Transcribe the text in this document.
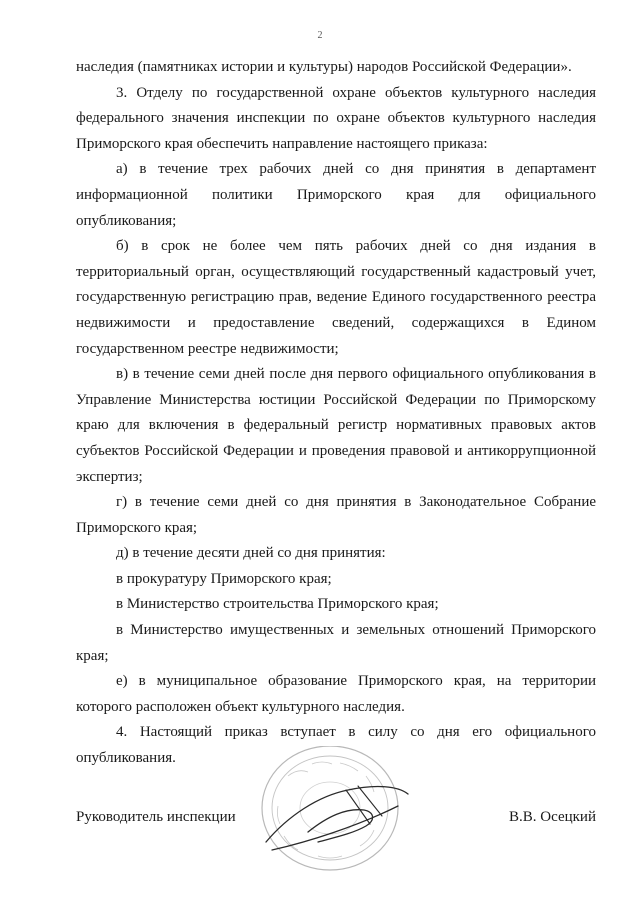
2

наследия (памятниках истории и культуры) народов Российской Федерации».

3. Отделу по государственной охране объектов культурного наследия федерального значения инспекции по охране объектов культурного наследия Приморского края обеспечить направление настоящего приказа:

а) в течение трех рабочих дней со дня принятия в департамент информационной политики Приморского края для официального опубликования;

б) в срок не более чем пять рабочих дней со дня издания в территориальный орган, осуществляющий государственный кадастровый учет, государственную регистрацию прав, ведение Единого государственного реестра недвижимости и предоставление сведений, содержащихся в Едином государственном реестре недвижимости;

в) в течение семи дней после дня первого официального опубликования в Управление Министерства юстиции Российской Федерации по Приморскому краю для включения в федеральный регистр нормативных правовых актов субъектов Российской Федерации и проведения правовой и антикоррупционной экспертиз;

г) в течение семи дней со дня принятия в Законодательное Собрание Приморского края;

д) в течение десяти дней со дня принятия:

в прокуратуру Приморского края;

в Министерство строительства Приморского края;

в Министерство имущественных и земельных отношений Приморского края;

е) в муниципальное образование Приморского края, на территории которого расположен объект культурного наследия.

4. Настоящий приказ вступает в силу со дня его официального опубликования.

Руководитель инспекции	В.В. Осецкий
